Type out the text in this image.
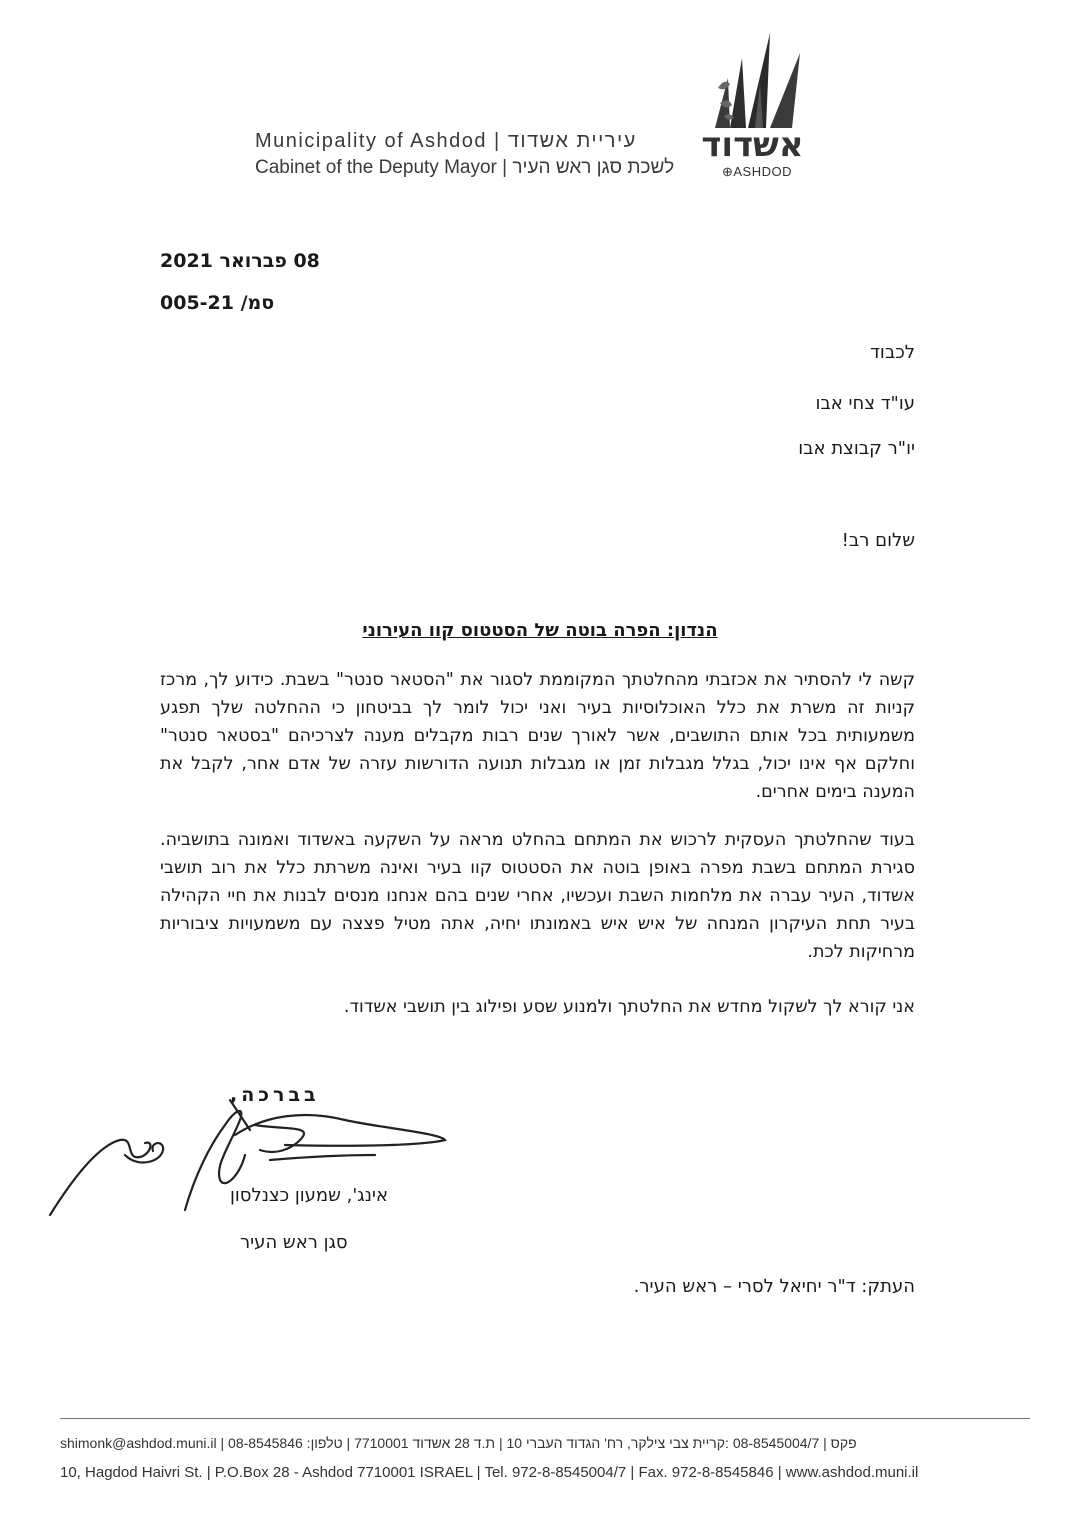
Municipality of Ashdod | עיריית אשדוד
Cabinet of the Deputy Mayor | לשכת סגן ראש העיר
אשדוד
⊕ASHDOD
08 פברואר 2021
סמ/ 005-21
לכבוד
עו"ד צחי אבו
יו"ר קבוצת אבו
שלום רב!
הנדון: הפרה בוטה של הסטטוס קוו העירוני
קשה לי להסתיר את אכזבתי מהחלטתך המקוממת לסגור את "הסטאר סנטר" בשבת. כידוע לך, מרכז קניות זה משרת את כלל האוכלוסיות בעיר ואני יכול לומר לך בביטחון כי ההחלטה שלך תפגע משמעותית בכל אותם התושבים, אשר לאורך שנים רבות מקבלים מענה לצרכיהם "בסטאר סנטר" וחלקם אף אינו יכול, בגלל מגבלות זמן או מגבלות תנועה הדורשות עזרה של אדם אחר, לקבל את המענה בימים אחרים.
בעוד שהחלטתך העסקית לרכוש את המתחם בהחלט מראה על השקעה באשדוד ואמונה בתושביה. סגירת המתחם בשבת מפרה באופן בוטה את הסטטוס קוו בעיר ואינה משרתת כלל את רוב תושבי אשדוד, העיר עברה את מלחמות השבת ועכשיו, אחרי שנים בהם אנחנו מנסים לבנות את חיי הקהילה בעיר תחת העיקרון המנחה של איש איש באמונתו יחיה, אתה מטיל פצצה עם משמעויות ציבוריות מרחיקות לכת.
אני קורא לך לשקול מחדש את החלטתך ולמנוע שסע ופילוג בין תושבי אשדוד.
בברכה,
אינג', שמעון כצנלסון
סגן ראש העיר
העתק: ד"ר יחיאל לסרי – ראש העיר.
shimonk@ashdod.muni.il | 08-8545846 :פקס | 08-8545004/7 :קריית צבי צילקר, רח' הגדוד העברי 10 | ת.ד 28 אשדוד 7710001 | טלפון
10, Hagdod Haivri St. | P.O.Box 28 - Ashdod 7710001 ISRAEL | Tel. 972-8-8545004/7 | Fax. 972-8-8545846 | www.ashdod.muni.il
